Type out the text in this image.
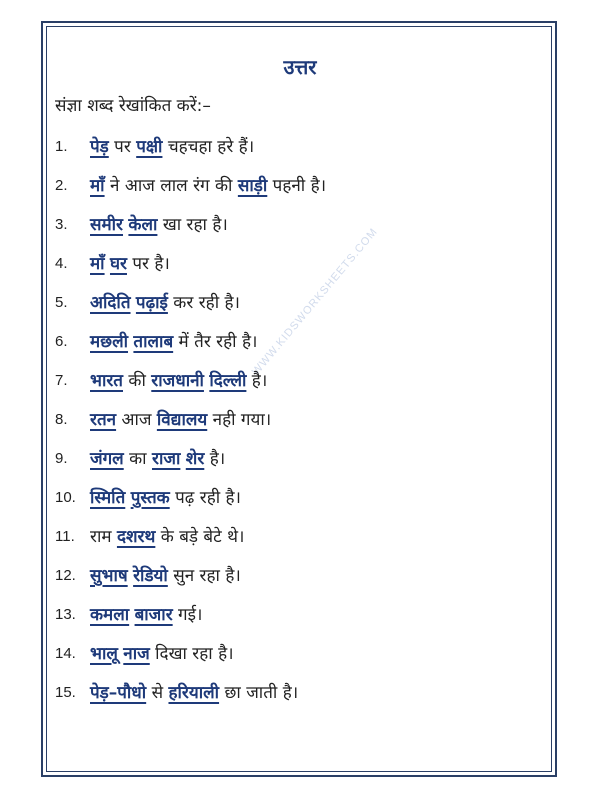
WWW.KIDSWORKSHEETS.COM
उत्तर
संज्ञा शब्द रेखांकित करें:–
1.	पेड़ पर पक्षी चहचहा हरे हैं।
2.	माँ ने आज लाल रंग की साड़ी पहनी है।
3.	समीर केला खा रहा है।
4.	माँ घर पर है।
5.	अदिति पढ़ाई कर रही है।
6.	मछली तालाब में तैर रही है।
7.	भारत की राजधानी दिल्ली है।
8.	रतन आज विद्यालय नही गया।
9.	जंगल का राजा शेर है।
10. स्मिति पुस्तक पढ़ रही है।
11. राम दशरथ के बड़े बेटे थे।
12. सुभाष रेडियो सुन रहा है।
13. कमला बाजार गई।
14. भालू नाज दिखा रहा है।
15. पेड़–पौधो से हरियाली छा जाती है।
